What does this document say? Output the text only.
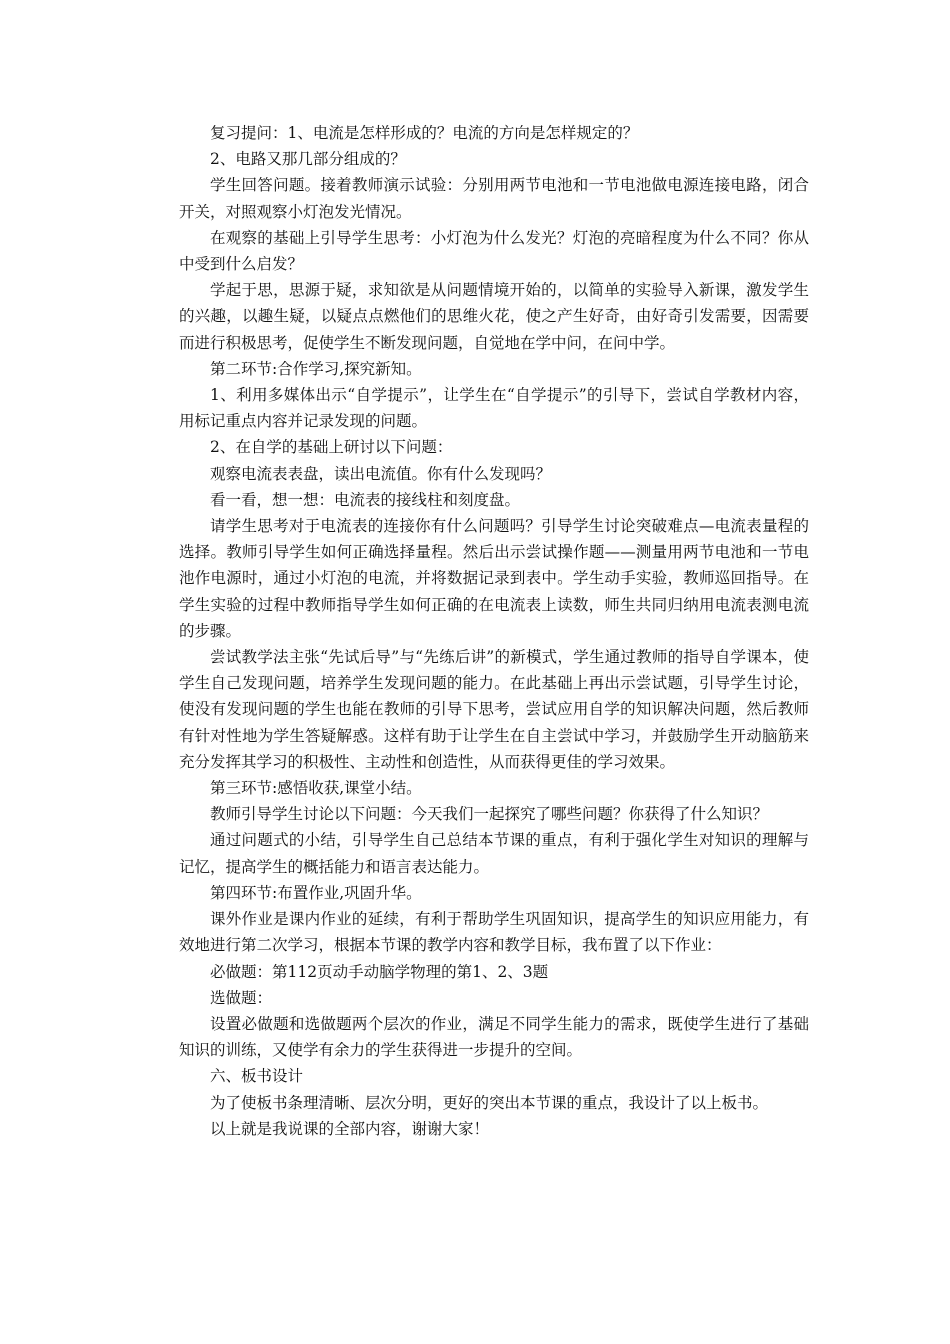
复习提问：1、电流是怎样形成的？电流的方向是怎样规定的？

2、电路又那几部分组成的？

学生回答问题。接着教师演示试验：分别用两节电池和一节电池做电源连接电路，闭合开关，对照观察小灯泡发光情况。

在观察的基础上引导学生思考：小灯泡为什么发光？灯泡的亮暗程度为什么不同？你从中受到什么启发？

学起于思，思源于疑，求知欲是从问题情境开始的，以简单的实验导入新课，激发学生的兴趣，以趣生疑，以疑点点燃他们的思维火花，使之产生好奇，由好奇引发需要，因需要而进行积极思考，促使学生不断发现问题，自觉地在学中问，在问中学。

第二环节:合作学习,探究新知。

1、利用多媒体出示“自学提示”，让学生在“自学提示”的引导下，尝试自学教材内容，用标记重点内容并记录发现的问题。

2、在自学的基础上研讨以下问题：

观察电流表表盘，读出电流值。你有什么发现吗？

看一看，想一想：电流表的接线柱和刻度盘。

请学生思考对于电流表的连接你有什么问题吗？引导学生讨论突破难点—电流表量程的选择。教师引导学生如何正确选择量程。然后出示尝试操作题——测量用两节电池和一节电池作电源时，通过小灯泡的电流，并将数据记录到表中。学生动手实验，教师巡回指导。在学生实验的过程中教师指导学生如何正确的在电流表上读数，师生共同归纳用电流表测电流的步骤。

尝试教学法主张“先试后导”与“先练后讲”的新模式，学生通过教师的指导自学课本，使学生自己发现问题，培养学生发现问题的能力。在此基础上再出示尝试题，引导学生讨论，使没有发现问题的学生也能在教师的引导下思考，尝试应用自学的知识解决问题，然后教师有针对性地为学生答疑解惑。这样有助于让学生在自主尝试中学习，并鼓励学生开动脑筋来充分发挥其学习的积极性、主动性和创造性，从而获得更佳的学习效果。

第三环节:感悟收获,课堂小结。

教师引导学生讨论以下问题：今天我们一起探究了哪些问题？你获得了什么知识？

通过问题式的小结，引导学生自己总结本节课的重点，有利于强化学生对知识的理解与记忆，提高学生的概括能力和语言表达能力。

第四环节:布置作业,巩固升华。

课外作业是课内作业的延续，有利于帮助学生巩固知识，提高学生的知识应用能力，有效地进行第二次学习，根据本节课的教学内容和教学目标，我布置了以下作业：

必做题：第112页动手动脑学物理的第1、2、3题

选做题：

设置必做题和选做题两个层次的作业，满足不同学生能力的需求，既使学生进行了基础知识的训练，又使学有余力的学生获得进一步提升的空间。

六、板书设计

为了使板书条理清晰、层次分明，更好的突出本节课的重点，我设计了以上板书。

以上就是我说课的全部内容，谢谢大家！
